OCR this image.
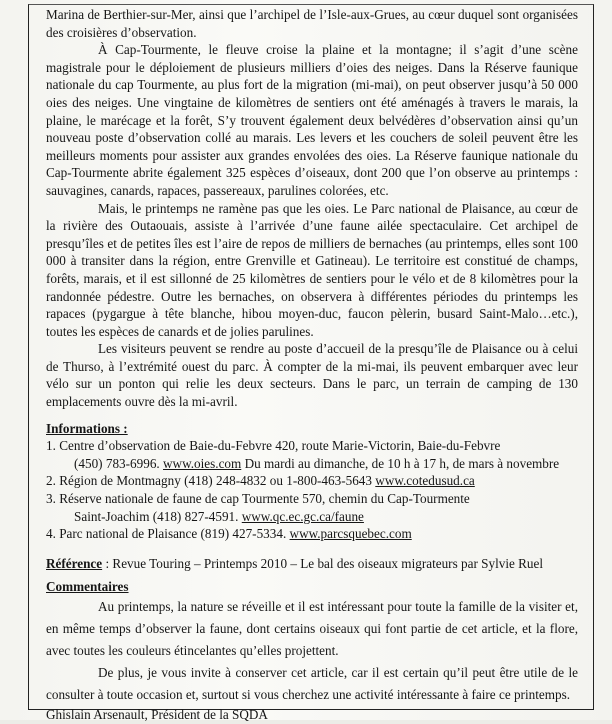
Marina de Berthier-sur-Mer, ainsi que l’archipel de l’Isle-aux-Grues, au cœur duquel sont organisées des croisières d’observation.

À Cap-Tourmente, le fleuve croise la plaine et la montagne; il s’agit d’une scène magistrale pour le déploiement de plusieurs milliers d’oies des neiges. Dans la Réserve faunique nationale du cap Tourmente, au plus fort de la migration (mi-mai), on peut observer jusqu’à 50 000 oies des neiges. Une vingtaine de kilomètres de sentiers ont été aménagés à travers le marais, la plaine, le marécage et la forêt, S’y trouvent également deux belvédères d’observation ainsi qu’un nouveau poste d’observation collé au marais. Les levers et les couchers de soleil peuvent être les meilleurs moments pour assister aux grandes envolées des oies. La Réserve faunique nationale du Cap-Tourmente abrite également 325 espèces d’oiseaux, dont 200 que l’on observe au printemps : sauvagines, canards, rapaces, passereaux, parulines colorées, etc.

Mais, le printemps ne ramène pas que les oies. Le Parc national de Plaisance, au cœur de la rivière des Outaouais, assiste à l’arrivée d’une faune ailée spectaculaire. Cet archipel de presqu’îles et de petites îles est l’aire de repos de milliers de bernaches (au printemps, elles sont 100 000 à transiter dans la région, entre Grenville et Gatineau). Le territoire est constitué de champs, forêts, marais, et il est sillonné de 25 kilomètres de sentiers pour le vélo et de 8 kilomètres pour la randonnée pédestre. Outre les bernaches, on observera à différentes périodes du printemps les rapaces (pygargue à tête blanche, hibou moyen-duc, faucon pèlerin, busard Saint-Malo…etc.), toutes les espèces de canards et de jolies parulines.

Les visiteurs peuvent se rendre au poste d’accueil de la presqu’île de Plaisance ou à celui de Thurso, à l’extrémité ouest du parc. À compter de la mi-mai, ils peuvent embarquer avec leur vélo sur un ponton qui relie les deux secteurs. Dans le parc, un terrain de camping de 130 emplacements ouvre dès la mi-avril.

Informations :
1. Centre d’observation de Baie-du-Febvre 420, route Marie-Victorin, Baie-du-Febvre
(450) 783-6996. www.oies.com Du mardi au dimanche, de 10 h à 17 h, de mars à novembre
2. Région de Montmagny (418) 248-4832 ou 1-800-463-5643 www.cotedusud.ca
3. Réserve nationale de faune de cap Tourmente 570, chemin du Cap-Tourmente
Saint-Joachim (418) 827-4591. www.qc.ec.gc.ca/faune
4. Parc national de Plaisance (819) 427-5334. www.parcsquebec.com
Référence : Revue Touring – Printemps 2010 – Le bal des oiseaux migrateurs par Sylvie Ruel
Commentaires

Au printemps, la nature se réveille et il est intéressant pour toute la famille de la visiter et, en même temps d’observer la faune, dont certains oiseaux qui font partie de cet article, et la flore, avec toutes les couleurs étincelantes qu’elles projettent.

De plus, je vous invite à conserver cet article, car il est certain qu’il peut être utile de le consulter à toute occasion et, surtout si vous cherchez une activité intéressante à faire ce printemps.

Ghislain Arsenault, Président de la SQDA
